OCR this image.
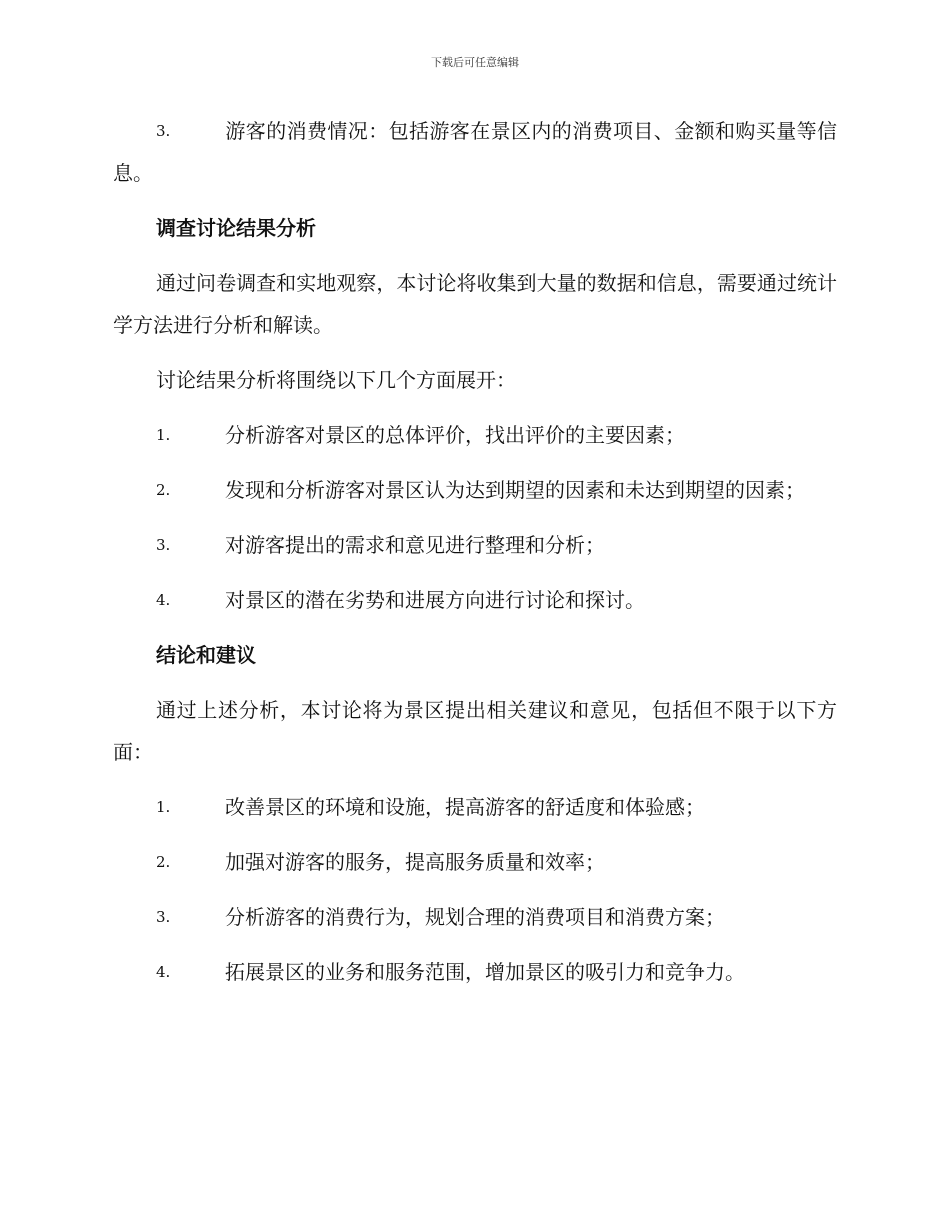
下载后可任意编辑
3.	游客的消费情况：包括游客在景区内的消费项目、金额和购买量等信息。
调查讨论结果分析
通过问卷调查和实地观察，本讨论将收集到大量的数据和信息，需要通过统计学方法进行分析和解读。
讨论结果分析将围绕以下几个方面展开：
1.	分析游客对景区的总体评价，找出评价的主要因素；
2.	发现和分析游客对景区认为达到期望的因素和未达到期望的因素；
3.	对游客提出的需求和意见进行整理和分析；
4.	对景区的潜在劣势和进展方向进行讨论和探讨。
结论和建议
通过上述分析，本讨论将为景区提出相关建议和意见，包括但不限于以下方面：
1.	改善景区的环境和设施，提高游客的舒适度和体验感；
2.	加强对游客的服务，提高服务质量和效率；
3.	分析游客的消费行为，规划合理的消费项目和消费方案；
4.	拓展景区的业务和服务范围，增加景区的吸引力和竞争力。
